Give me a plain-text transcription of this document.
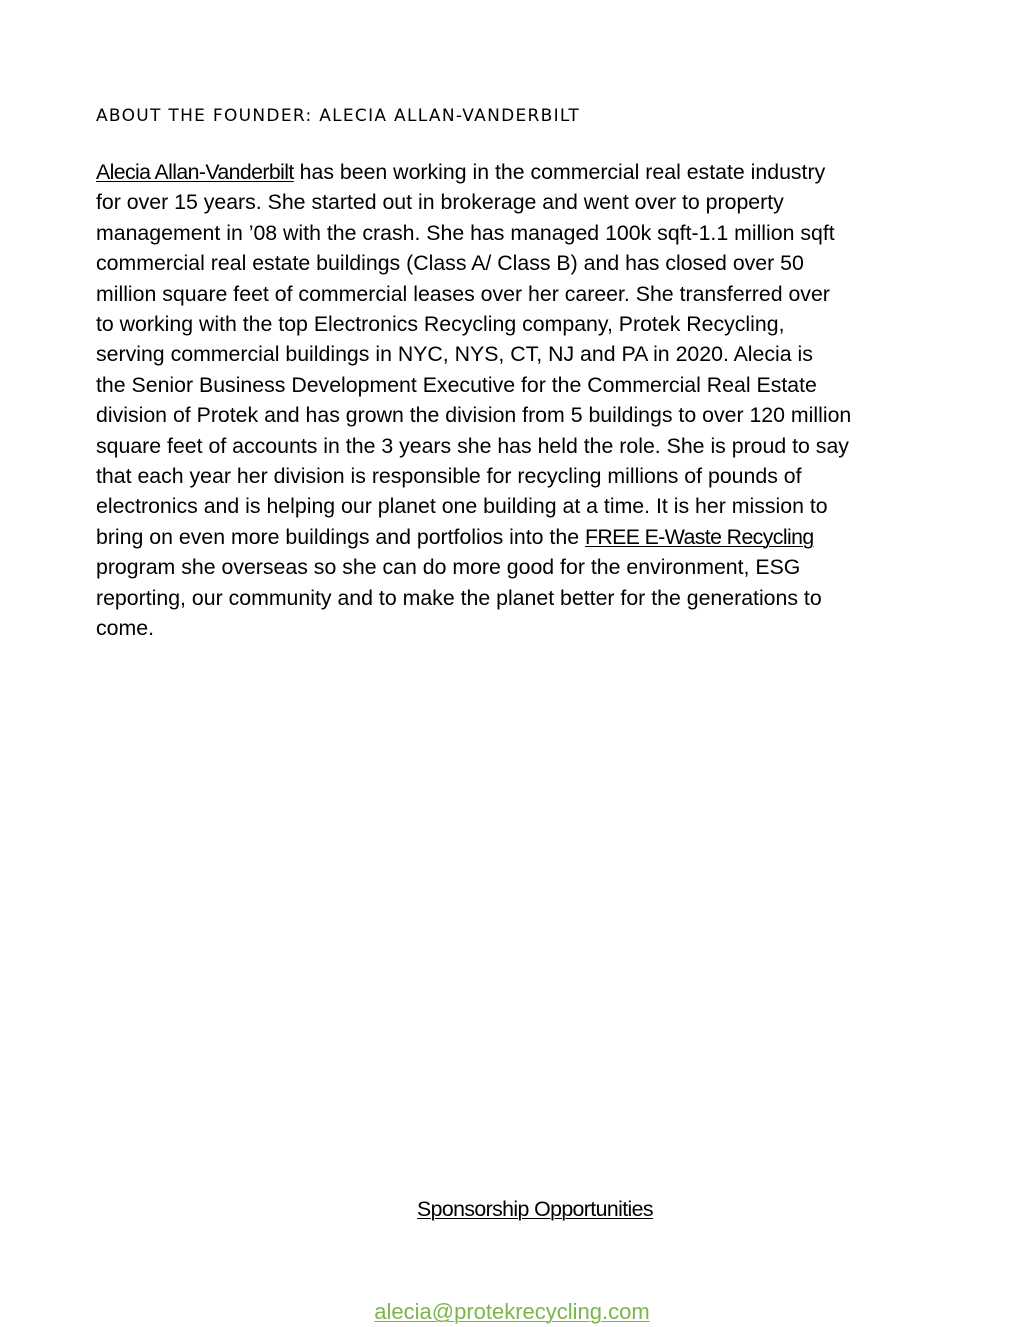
ABOUT THE FOUNDER: ALECIA ALLAN-VANDERBILT

Alecia Allan-Vanderbilt has been working in the commercial real estate industry
for over 15 years. She started out in brokerage and went over to property
management in ’08 with the crash. She has managed 100k sqft-1.1 million sqft
commercial real estate buildings (Class A/ Class B) and has closed over 50
million square feet of commercial leases over her career. She transferred over
to working with the top Electronics Recycling company, Protek Recycling,
serving commercial buildings in NYC, NYS, CT, NJ and PA in 2020. Alecia is
the Senior Business Development Executive for the Commercial Real Estate
division of Protek and has grown the division from 5 buildings to over 120 million
square feet of accounts in the 3 years she has held the role. She is proud to say
that each year her division is responsible for recycling millions of pounds of
electronics and is helping our planet one building at a time. It is her mission to
bring on even more buildings and portfolios into the FREE E-Waste Recycling
program she overseas so she can do more good for the environment, ESG
reporting, our community and to make the planet better for the generations to
come.

Sponsorship Opportunities
alecia@protekrecycling.com
